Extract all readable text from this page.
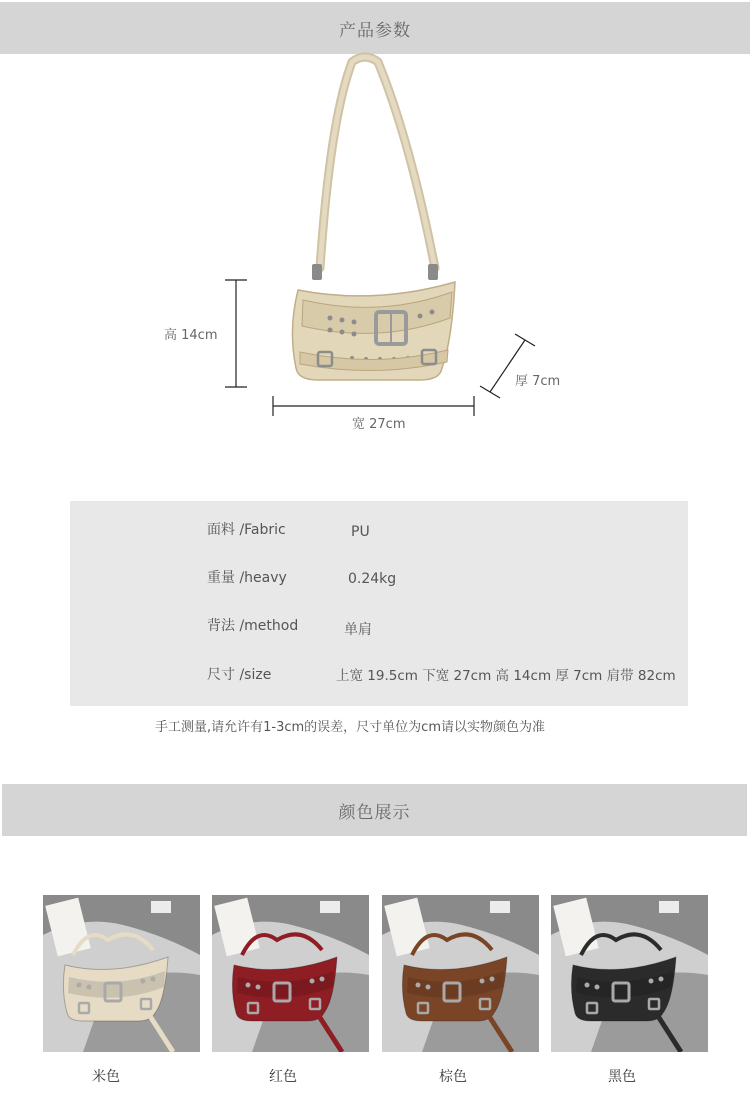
产品参数
高 14cm
宽 27cm
厚 7cm
面料 /Fabric	PU
重量 /heavy	0.24kg
背法 /method	单肩
尺寸 /size	上宽 19.5cm 下宽 27cm 高 14cm 厚 7cm 肩带 82cm
手工测量,请允许有1-3cm的误差，尺寸单位为cm请以实物颜色为准
颜色展示
米色	红色	棕色	黑色
